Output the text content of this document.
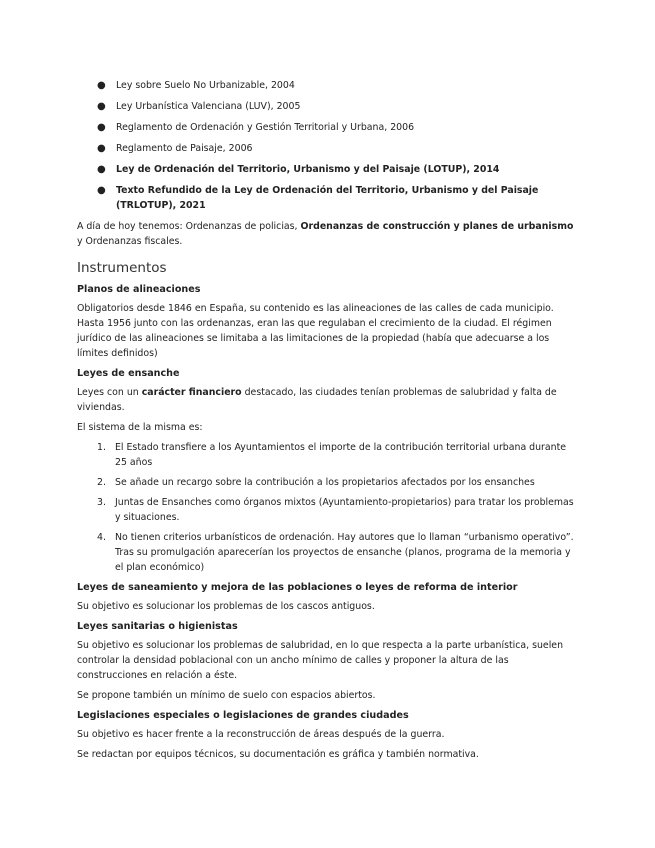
● Ley sobre Suelo No Urbanizable, 2004
● Ley Urbanística Valenciana (LUV), 2005
● Reglamento de Ordenación y Gestión Territorial y Urbana, 2006
● Reglamento de Paisaje, 2006
● Ley de Ordenación del Territorio, Urbanismo y del Paisaje (LOTUP), 2014
● Texto Refundido de la Ley de Ordenación del Territorio, Urbanismo y del Paisaje (TRLOTUP), 2021

A día de hoy tenemos: Ordenanzas de policias, Ordenanzas de construcción y planes de urbanismo y Ordenanzas fiscales.

Instrumentos
Planos de alineaciones

Obligatorios desde 1846 en España, su contenido es las alineaciones de las calles de cada municipio. Hasta 1956 junto con las ordenanzas, eran las que regulaban el crecimiento de la ciudad. El régimen jurídico de las alineaciones se limitaba a las limitaciones de la propiedad (había que adecuarse a los límites definidos)

Leyes de ensanche

Leyes con un carácter financiero destacado, las ciudades tenían problemas de salubridad y falta de viviendas.

El sistema de la misma es:

1. El Estado transfiere a los Ayuntamientos el importe de la contribución territorial urbana durante 25 años
2. Se añade un recargo sobre la contribución a los propietarios afectados por los ensanches
3. Juntas de Ensanches como órganos mixtos (Ayuntamiento-propietarios) para tratar los problemas y situaciones.
4. No tienen criterios urbanísticos de ordenación. Hay autores que lo llaman “urbanismo operativo”. Tras su promulgación aparecerían los proyectos de ensanche (planos, programa de la memoria y el plan económico)
Leyes de saneamiento y mejora de las poblaciones o leyes de reforma de interior

Su objetivo es solucionar los problemas de los cascos antiguos.

Leyes sanitarias o higienistas

Su objetivo es solucionar los problemas de salubridad, en lo que respecta a la parte urbanística, suelen controlar la densidad poblacional con un ancho mínimo de calles y proponer la altura de las construcciones en relación a éste.

Se propone también un mínimo de suelo con espacios abiertos.

Legislaciones especiales o legislaciones de grandes ciudades

Su objetivo es hacer frente a la reconstrucción de áreas después de la guerra.

Se redactan por equipos técnicos, su documentación es gráfica y también normativa.
